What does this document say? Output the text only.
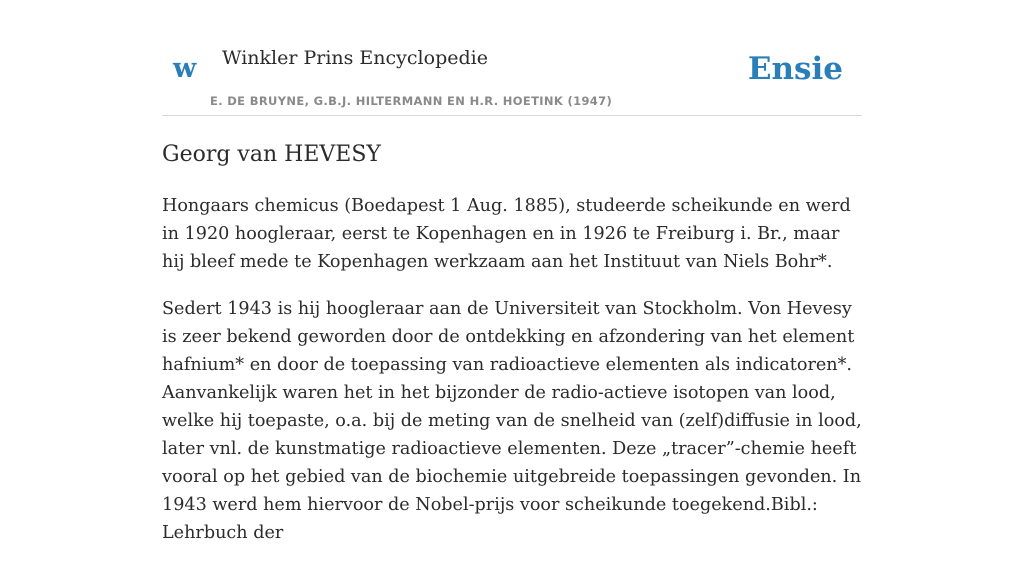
w Winkler Prins Encyclopedie
E. DE BRUYNE, G.B.J. HILTERMANN EN H.R. HOETINK (1947)
Ensie
Georg van HEVESY

Hongaars chemicus (Boedapest 1 Aug. 1885), studeerde scheikunde en werd in 1920 hoogleraar, eerst te Kopenhagen en in 1926 te Freiburg i. Br., maar hij bleef mede te Kopenhagen werkzaam aan het Instituut van Niels Bohr*.

Sedert 1943 is hij hoogleraar aan de Universiteit van Stockholm. Von Hevesy is zeer bekend geworden door de ontdekking en afzondering van het element hafnium* en door de toepassing van radioactieve elementen als indicatoren*. Aanvankelijk waren het in het bijzonder de radio-actieve isotopen van lood, welke hij toepaste, o.a. bij de meting van de snelheid van (zelf)diffusie in lood, later vnl. de kunstmatige radioactieve elementen. Deze „tracer”-chemie heeft vooral op het gebied van de biochemie uitgebreide toepassingen gevonden. In 1943 werd hem hiervoor de Nobel-prijs voor scheikunde toegekend.Bibl.: Lehrbuch der
